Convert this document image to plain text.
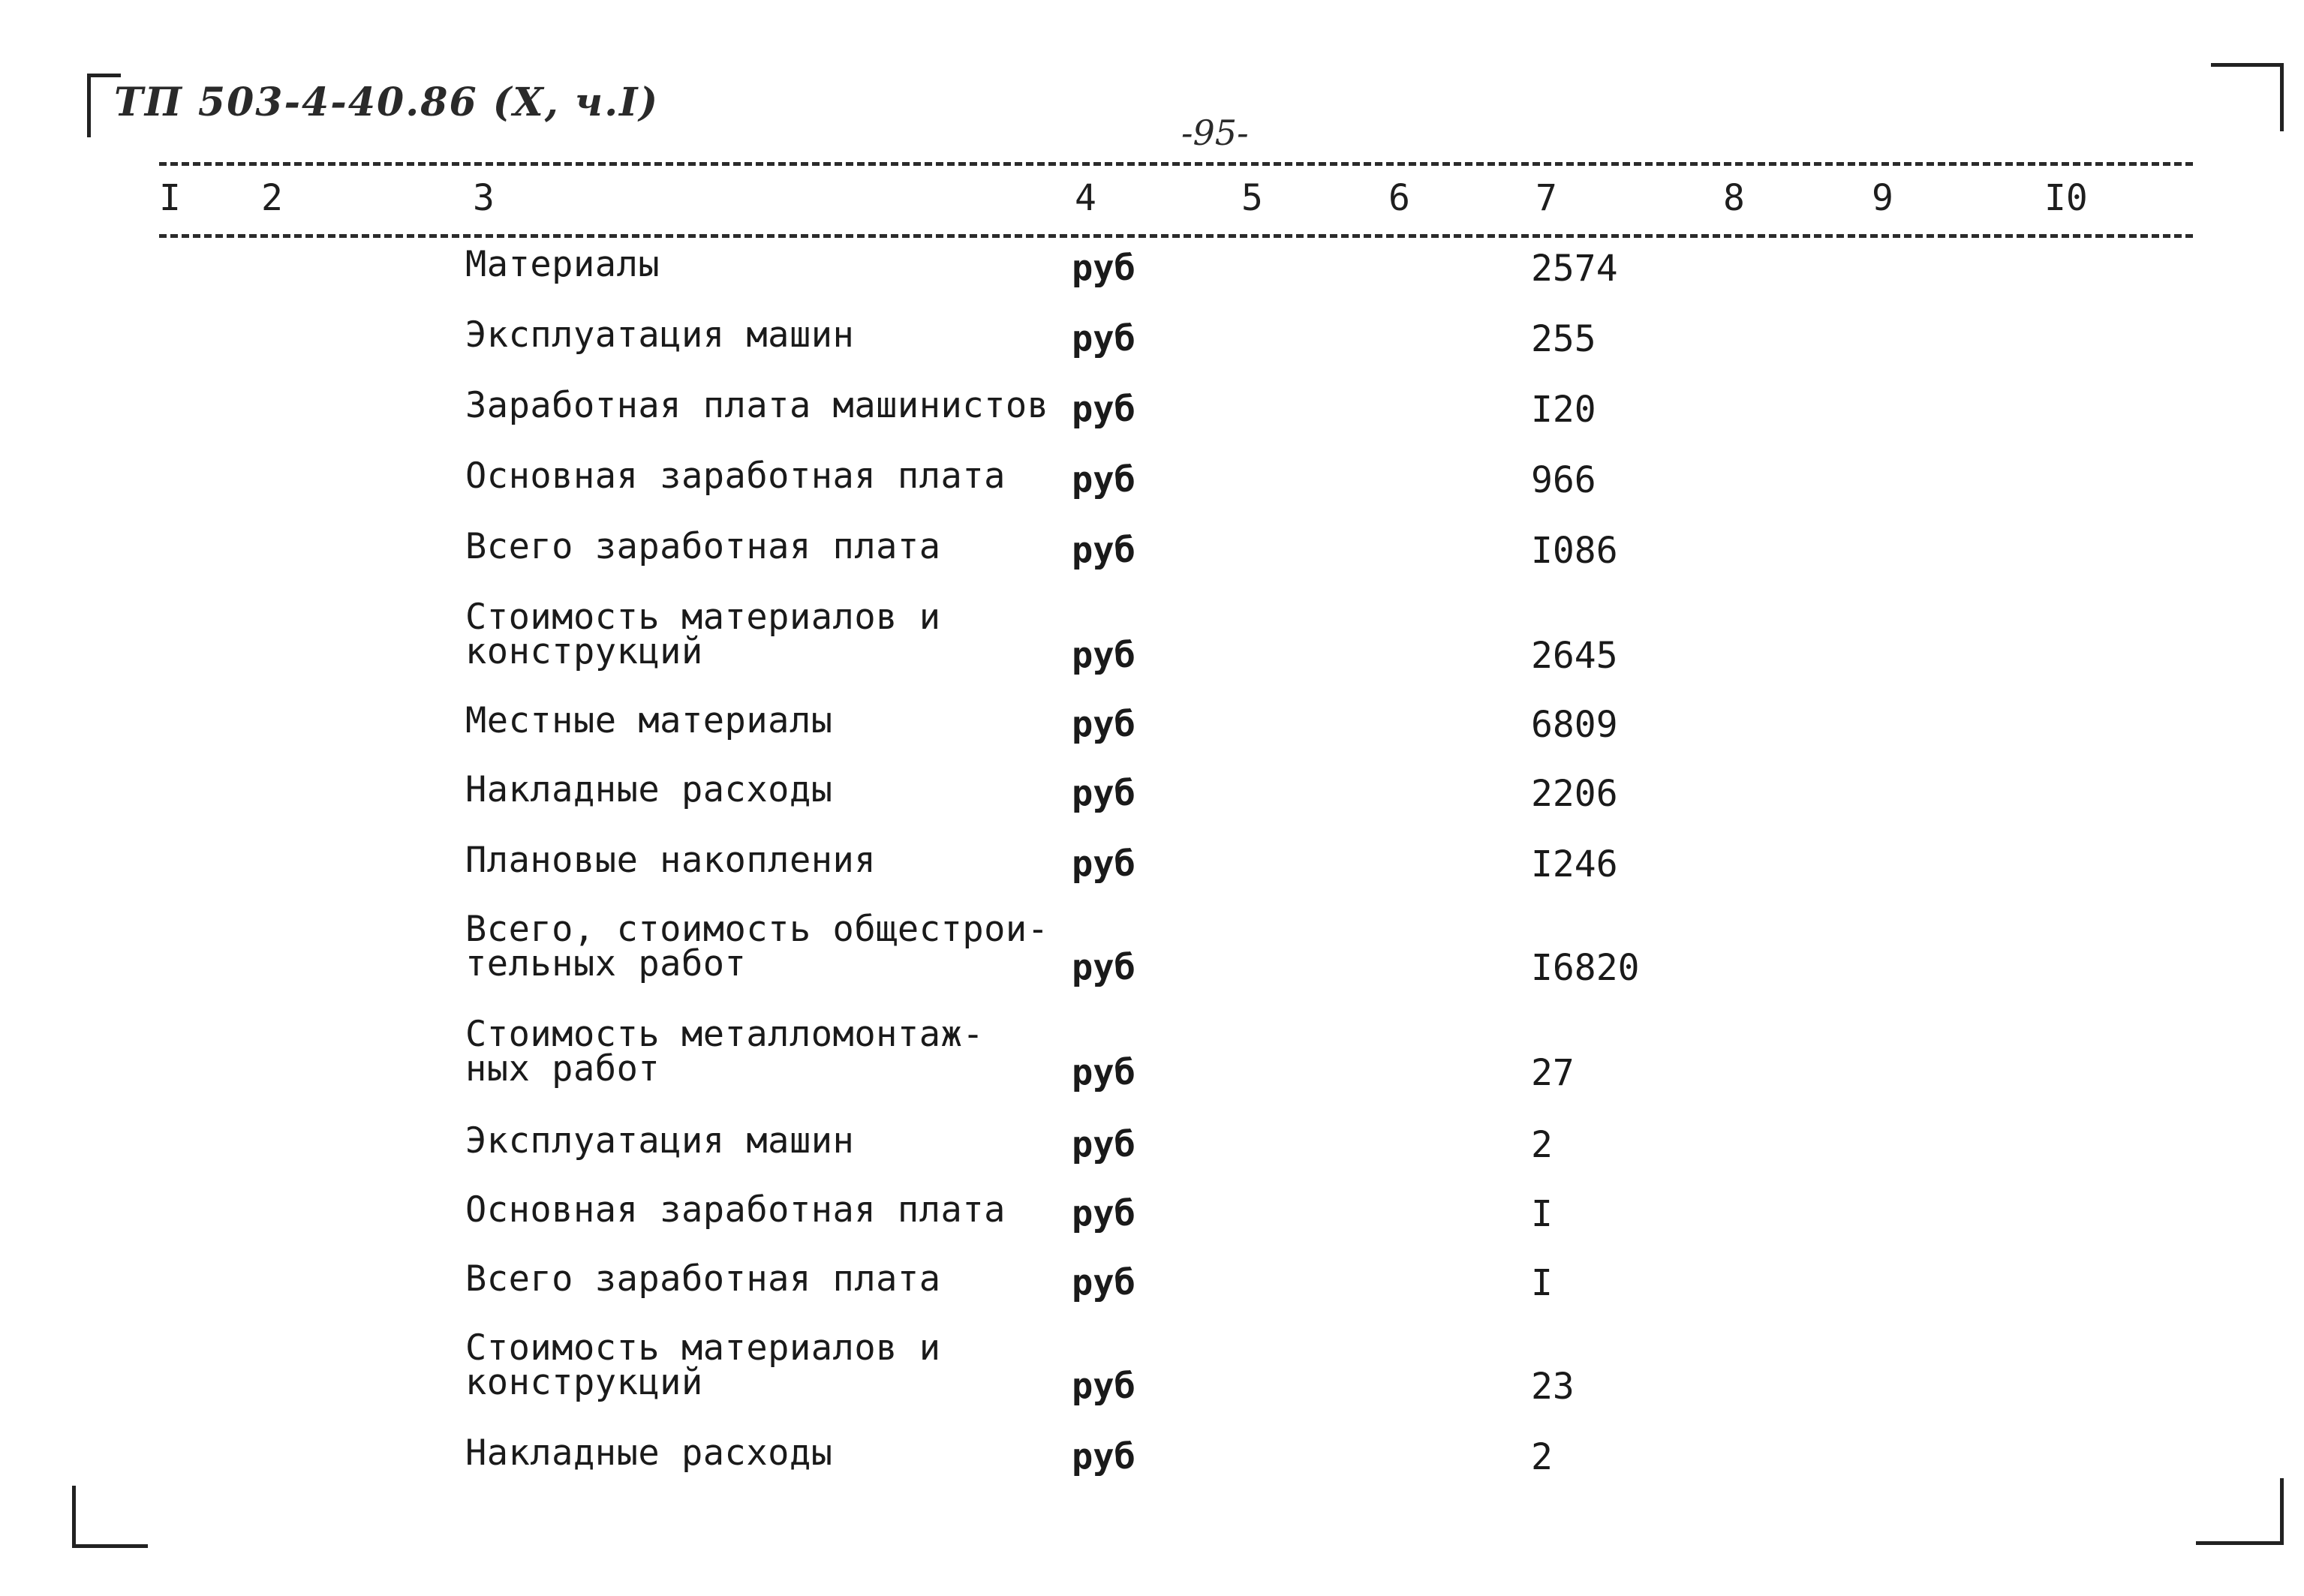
ТП 503-4-40.86 (X, ч.I)
-95-
I 2	3	4	5	6	7	8	9	I0
Материалы	руб	2574
Эксплуатация машин	руб	255
Заработная плата машинистов руб	I20
Основная заработная плата руб	966
Всего заработная плата	руб	I086
Стоимость материалов и
конструкций	руб	2645
Местные материалы	руб	6809
Накладные расходы	руб	2206
Плановые накопления	руб	I246
Всего, стоимость общестрои-
тельных работ	руб	I6820
Стоимость металломонтаж-
ных работ	руб	27
Эксплуатация машин	руб	2
Основная заработная плата руб	I
Всего заработная плата	руб	I
Стоимость материалов и
конструкций	руб	23
Накладные расходы	руб	2
